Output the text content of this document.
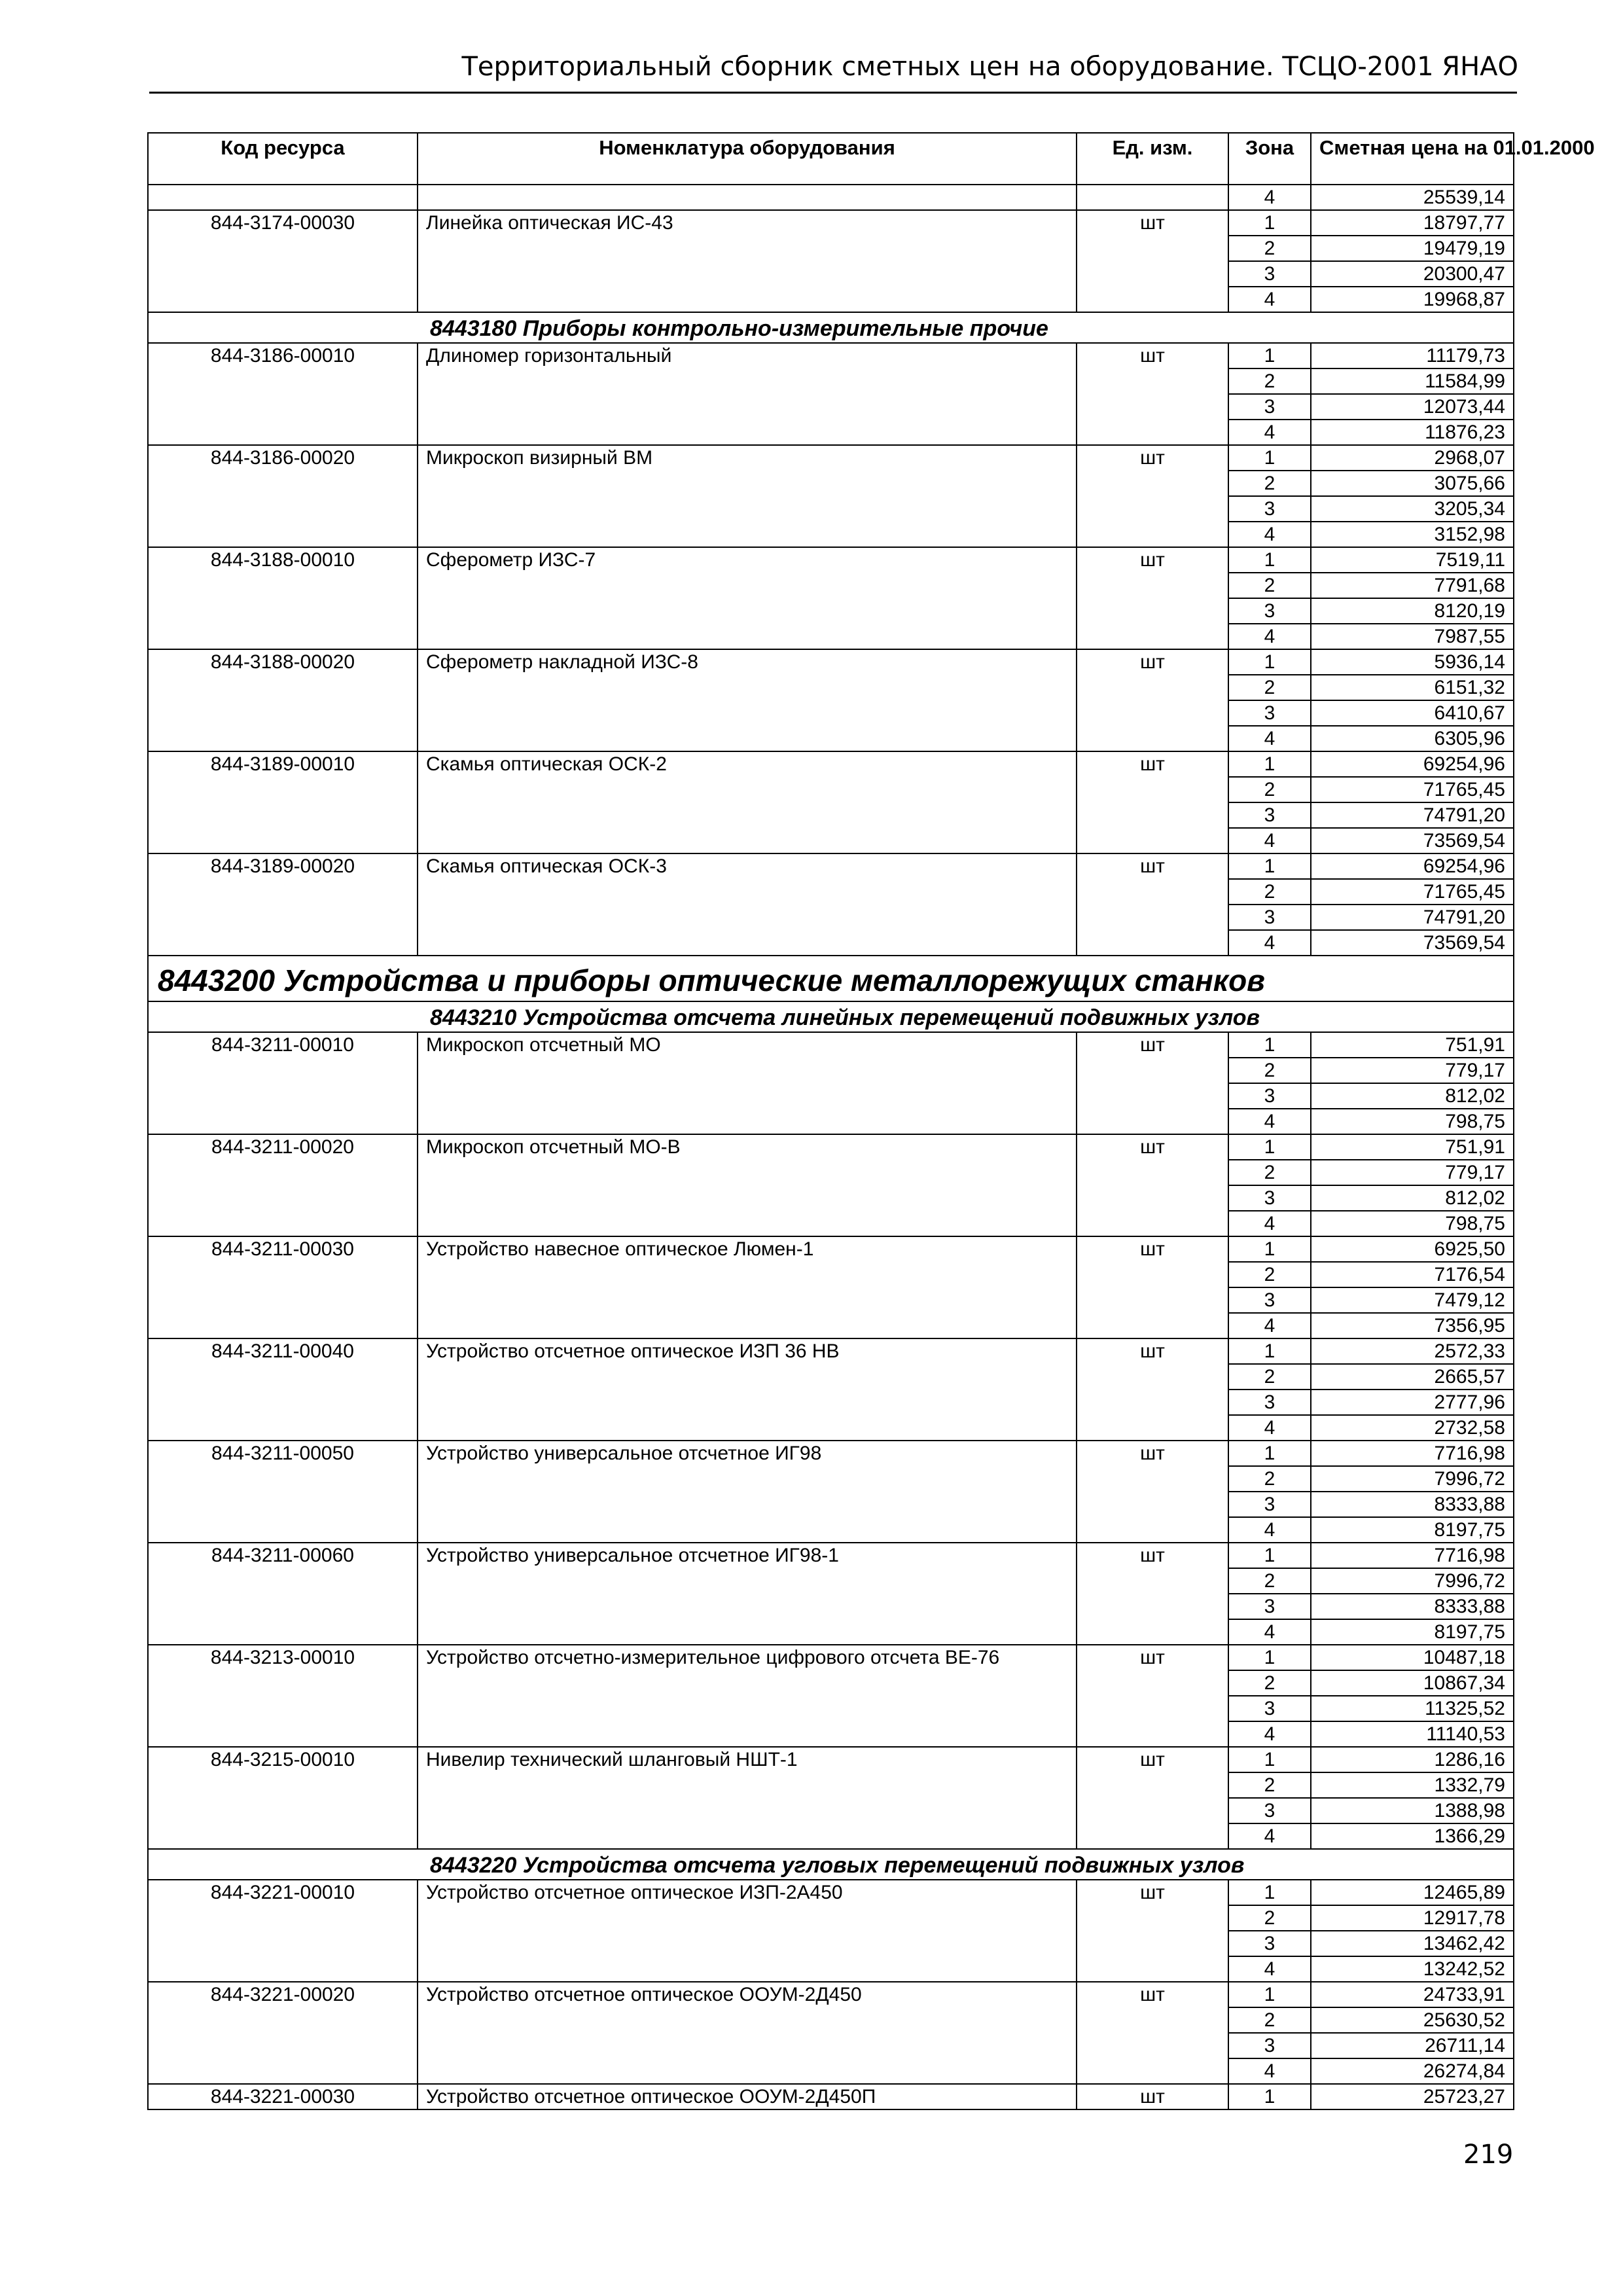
Территориальный сборник сметных цен на оборудование. ТСЦО-2001 ЯНАО
Код ресурса	Номенклатура оборудования	Ед. изм.	Зона	Сметная цена на 01.01.2000
			4	25539,14
844-3174-00030	Линейка оптическая ИС-43	шт	1	18797,77
			2	19479,19
			3	20300,47
			4	19968,87
8443180 Приборы контрольно-измерительные прочие				
844-3186-00010	Длиномер горизонтальный	шт	1	11179,73
			2	11584,99
			3	12073,44
			4	11876,23
844-3186-00020	Микроскоп визирный ВМ	шт	1	2968,07
			2	3075,66
			3	3205,34
			4	3152,98
844-3188-00010	Сферометр ИЗС-7	шт	1	7519,11
			2	7791,68
			3	8120,19
			4	7987,55
844-3188-00020	Сферометр накладной ИЗС-8	шт	1	5936,14
			2	6151,32
			3	6410,67
			4	6305,96
844-3189-00010	Скамья оптическая ОСК-2	шт	1	69254,96
			2	71765,45
			3	74791,20
			4	73569,54
844-3189-00020	Скамья оптическая ОСК-3	шт	1	69254,96
			2	71765,45
			3	74791,20
			4	73569,54
8443200 Устройства и приборы оптические металлорежущих станков				
8443210 Устройства отсчета линейных перемещений подвижных узлов				
844-3211-00010	Микроскоп отсчетный МО	шт	1	751,91
			2	779,17
			3	812,02
			4	798,75
844-3211-00020	Микроскоп отсчетный МО-В	шт	1	751,91
			2	779,17
			3	812,02
			4	798,75
844-3211-00030	Устройство навесное оптическое Люмен-1	шт	1	6925,50
			2	7176,54
			3	7479,12
			4	7356,95
844-3211-00040	Устройство отсчетное оптическое ИЗП 36 НВ	шт	1	2572,33
			2	2665,57
			3	2777,96
			4	2732,58
844-3211-00050	Устройство универсальное отсчетное ИГ98	шт	1	7716,98
			2	7996,72
			3	8333,88
			4	8197,75
844-3211-00060	Устройство универсальное отсчетное ИГ98-1	шт	1	7716,98
			2	7996,72
			3	8333,88
			4	8197,75
844-3213-00010	Устройство отсчетно-измерительное цифрового отсчета ВЕ-76	шт	1	10487,18
			2	10867,34
			3	11325,52
			4	11140,53
844-3215-00010	Нивелир технический шланговый НШТ-1	шт	1	1286,16
			2	1332,79
			3	1388,98
			4	1366,29
8443220 Устройства отсчета угловых перемещений подвижных узлов				
844-3221-00010	Устройство отсчетное оптическое ИЗП-2А450	шт	1	12465,89
			2	12917,78
			3	13462,42
			4	13242,52
844-3221-00020	Устройство отсчетное оптическое ООУМ-2Д450	шт	1	24733,91
			2	25630,52
			3	26711,14
			4	26274,84
844-3221-00030	Устройство отсчетное оптическое ООУМ-2Д450П	шт	1	25723,27
219
